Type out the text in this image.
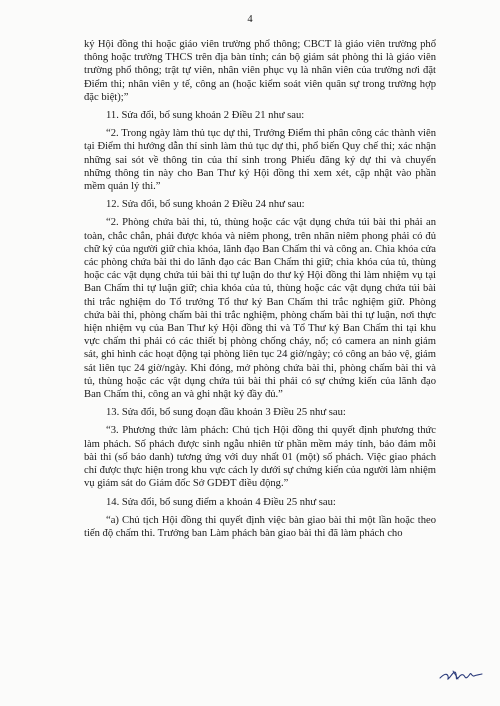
4

ký Hội đồng thi hoặc giáo viên trường phổ thông; CBCT là giáo viên trường phổ thông hoặc trường THCS trên địa bàn tỉnh; cán bộ giám sát phòng thi là giáo viên trường phổ thông; trật tự viên, nhân viên phục vụ là nhân viên của trường nơi đặt Điểm thi; nhân viên y tế, công an (hoặc kiểm soát viên quân sự trong trường hợp đặc biệt);”

11. Sửa đổi, bổ sung khoản 2 Điều 21 như sau:

“2. Trong ngày làm thủ tục dự thi, Trưởng Điểm thi phân công các thành viên tại Điểm thi hướng dẫn thí sinh làm thủ tục dự thi, phổ biến Quy chế thi; xác nhận những sai sót về thông tin của thí sinh trong Phiếu đăng ký dự thi và chuyển những thông tin này cho Ban Thư ký Hội đồng thi xem xét, cập nhật vào phần mềm quản lý thi.”

12. Sửa đổi, bổ sung khoản 2 Điều 24 như sau:

“2. Phòng chứa bài thi, tủ, thùng hoặc các vật dụng chứa túi bài thi phải an toàn, chắc chắn, phải được khóa và niêm phong, trên nhãn niêm phong phải có đủ chữ ký của người giữ chìa khóa, lãnh đạo Ban Chấm thi và công an. Chìa khóa cửa các phòng chứa bài thi do lãnh đạo các Ban Chấm thi giữ; chìa khóa của tủ, thùng hoặc các vật dụng chứa túi bài thi tự luận do thư ký Hội đồng thi làm nhiệm vụ tại Ban Chấm thi tự luận giữ; chìa khóa của tủ, thùng hoặc các vật dụng chứa túi bài thi trắc nghiệm do Tổ trưởng Tổ thư ký Ban Chấm thi trắc nghiệm giữ. Phòng chứa bài thi, phòng chấm bài thi trắc nghiệm, phòng chấm bài thi tự luận, nơi thực hiện nhiệm vụ của Ban Thư ký Hội đồng thi và Tổ Thư ký Ban Chấm thi tại khu vực chấm thi phải có các thiết bị phòng chống cháy, nổ; có camera an ninh giám sát, ghi hình các hoạt động tại phòng liên tục 24 giờ/ngày; có công an bảo vệ, giám sát liên tục 24 giờ/ngày. Khi đóng, mở phòng chứa bài thi, phòng chấm bài thi và tủ, thùng hoặc các vật dụng chứa túi bài thi phải có sự chứng kiến của lãnh đạo Ban Chấm thi, công an và ghi nhật ký đầy đủ.”

13. Sửa đổi, bổ sung đoạn đầu khoản 3 Điều 25 như sau:

“3. Phương thức làm phách: Chủ tịch Hội đồng thi quyết định phương thức làm phách. Số phách được sinh ngẫu nhiên từ phần mềm máy tính, bảo đảm mỗi bài thi (số báo danh) tương ứng với duy nhất 01 (một) số phách. Việc giao phách chỉ được thực hiện trong khu vực cách ly dưới sự chứng kiến của người làm nhiệm vụ giám sát do Giám đốc Sở GDĐT điều động.”

14. Sửa đổi, bổ sung điểm a khoản 4 Điều 25 như sau:

“a) Chủ tịch Hội đồng thi quyết định việc bàn giao bài thi một lần hoặc theo tiến độ chấm thi. Trưởng ban Làm phách bàn giao bài thi đã làm phách cho
